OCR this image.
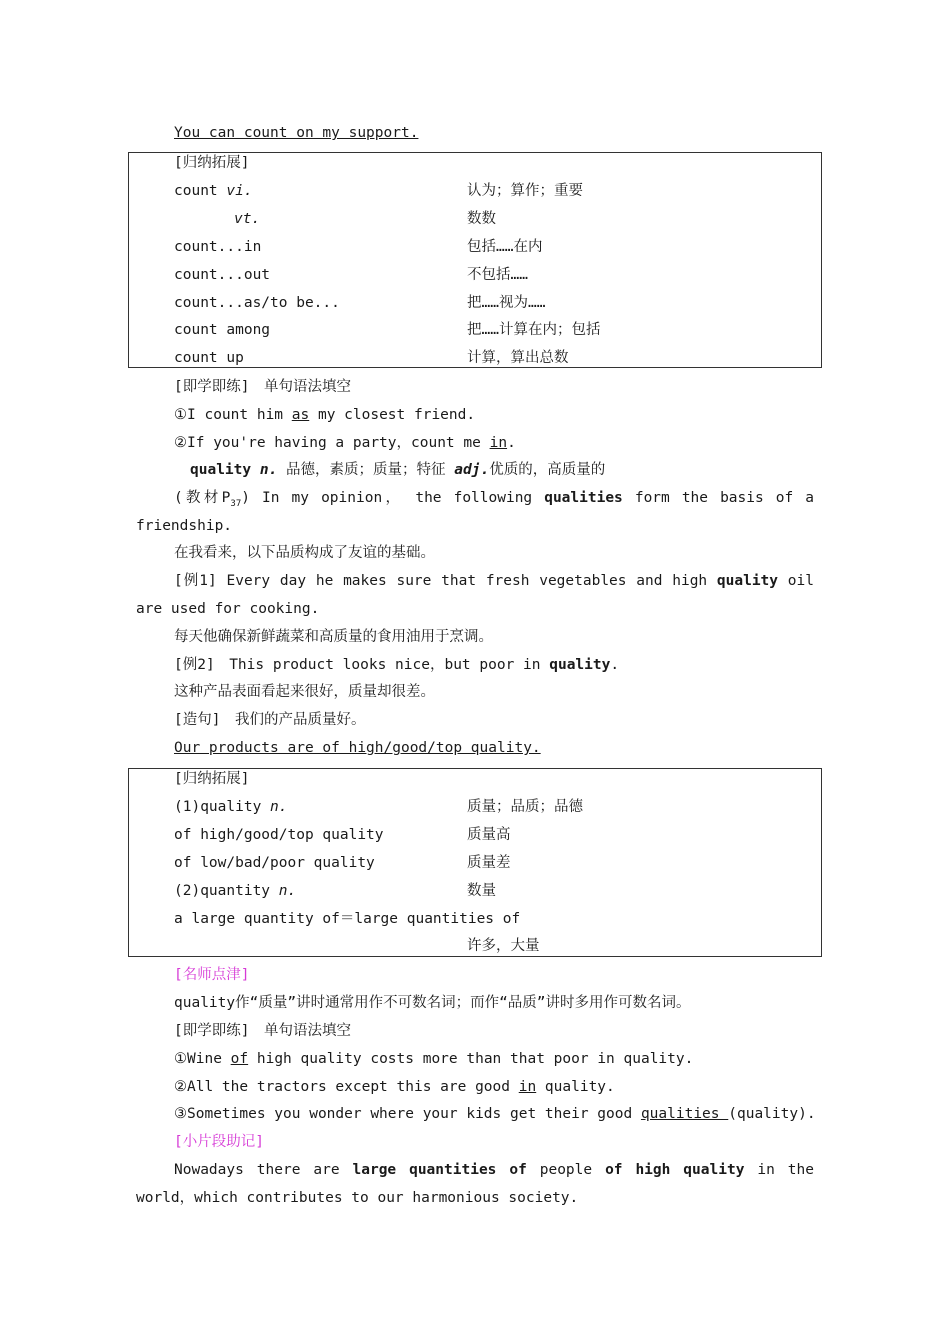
You can count on my support.
[归纳拓展]
count vi.	认为；算作；重要
vt.	数数
count...in	包括……在内
count...out	不包括……
count...as/to be...	把……视为……
count among	把……计算在内；包括
count up	计算，算出总数
[即学即练]　单句语法填空
①I count him as my closest friend.
②If you're having a party，count me in.
quality n. 品德，素质；质量；特征 adj.优质的，高质量的
(教材$P_{37}$) In my opinion， the following qualities form the basis of a
friendship.
在我看来，以下品质构成了友谊的基础。
[例1] Every day he makes sure that fresh vegetables and high quality oil
are used for cooking.
每天他确保新鲜蔬菜和高质量的食用油用于烹调。
[例2]　This product looks nice，but poor in quality.
这种产品表面看起来很好，质量却很差。
[造句]　我们的产品质量好。
Our products are of high/good/top quality.
[归纳拓展]
(1)quality n.	质量；品质；品德
of high/good/top quality	质量高
of low/bad/poor quality	质量差
(2)quantity n.	数量
a large quantity of＝large quantities of
许多，大量
[名师点津]
quality作“质量”讲时通常用作不可数名词；而作“品质”讲时多用作可数名词。
[即学即练]　单句语法填空
①Wine of high quality costs more than that poor in quality.
②All the tractors except this are good in quality.
③Sometimes you wonder where your kids get their good qualities (quality).
[小片段助记]
Nowadays there are large quantities of people of high quality in the
world，which contributes to our harmonious society.
